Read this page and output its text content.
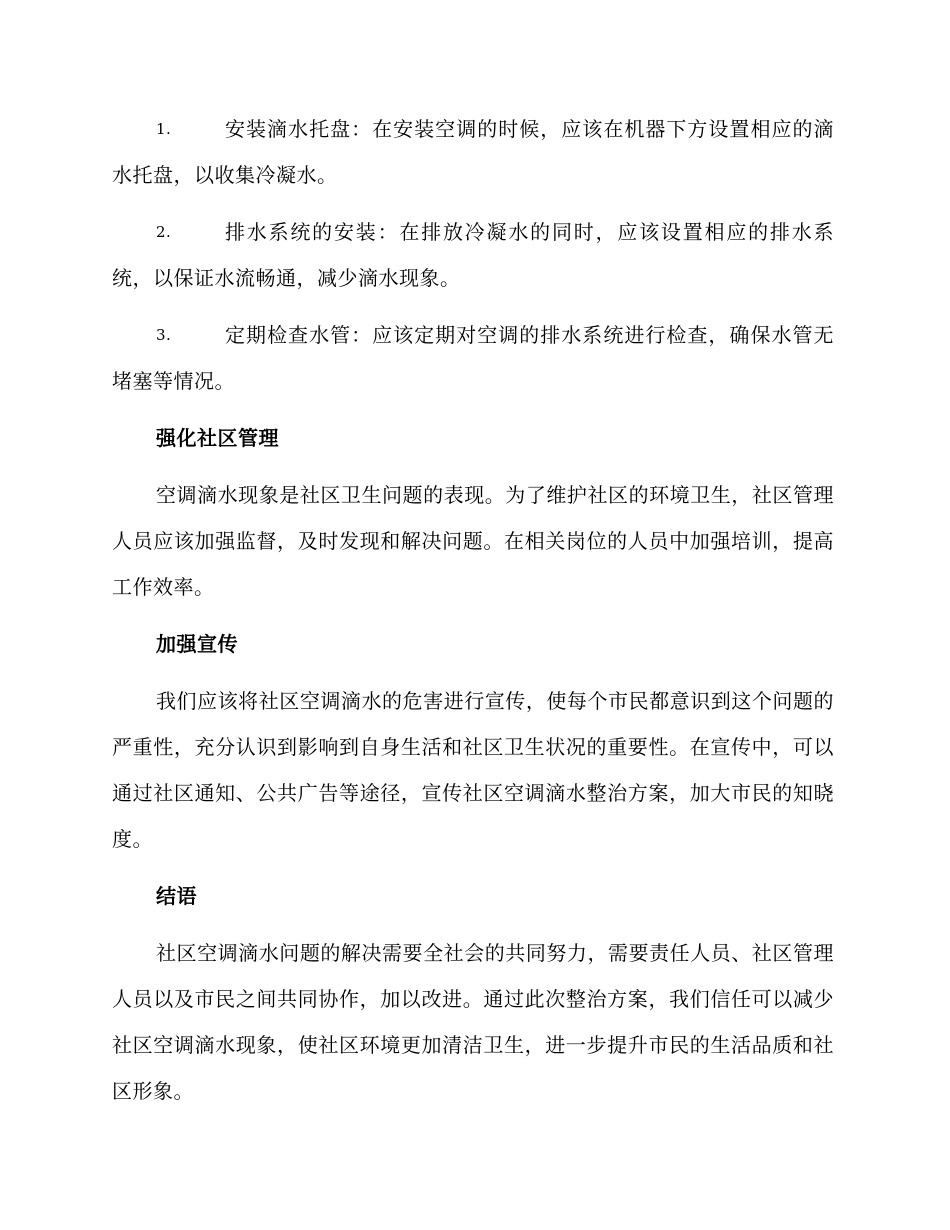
1.	安装滴水托盘：在安装空调的时候，应该在机器下方设置相应的滴水托盘，以收集冷凝水。
2.	排水系统的安装：在排放冷凝水的同时，应该设置相应的排水系统，以保证水流畅通，减少滴水现象。
3.	定期检查水管：应该定期对空调的排水系统进行检查，确保水管无堵塞等情况。
强化社区管理
空调滴水现象是社区卫生问题的表现。为了维护社区的环境卫生，社区管理人员应该加强监督，及时发现和解决问题。在相关岗位的人员中加强培训，提高工作效率。
加强宣传
我们应该将社区空调滴水的危害进行宣传，使每个市民都意识到这个问题的严重性，充分认识到影响到自身生活和社区卫生状况的重要性。在宣传中，可以通过社区通知、公共广告等途径，宣传社区空调滴水整治方案，加大市民的知晓度。
结语
社区空调滴水问题的解决需要全社会的共同努力，需要责任人员、社区管理人员以及市民之间共同协作，加以改进。通过此次整治方案，我们信任可以减少社区空调滴水现象，使社区环境更加清洁卫生，进一步提升市民的生活品质和社区形象。
